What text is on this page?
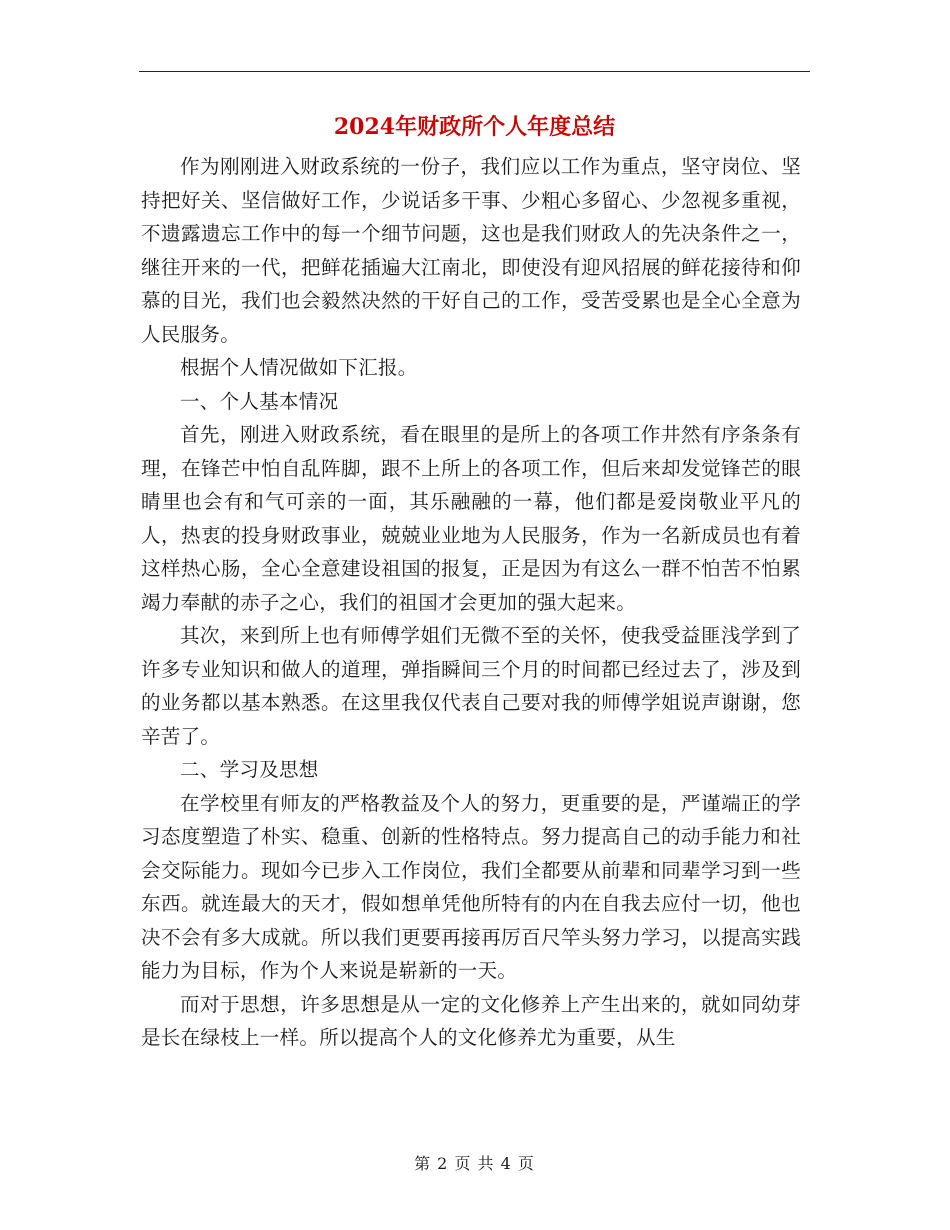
2024年财政所个人年度总结

作为刚刚进入财政系统的一份子，我们应以工作为重点，坚守岗位、坚持把好关、坚信做好工作，少说话多干事、少粗心多留心、少忽视多重视，不遗露遗忘工作中的每一个细节问题，这也是我们财政人的先决条件之一，继往开来的一代，把鲜花插遍大江南北，即使没有迎风招展的鲜花接待和仰慕的目光，我们也会毅然决然的干好自己的工作，受苦受累也是全心全意为人民服务。

根据个人情况做如下汇报。

一、个人基本情况

首先，刚进入财政系统，看在眼里的是所上的各项工作井然有序条条有理，在锋芒中怕自乱阵脚，跟不上所上的各项工作，但后来却发觉锋芒的眼睛里也会有和气可亲的一面，其乐融融的一幕，他们都是爱岗敬业平凡的人，热衷的投身财政事业，兢兢业业地为人民服务，作为一名新成员也有着这样热心肠，全心全意建设祖国的报复，正是因为有这么一群不怕苦不怕累竭力奉献的赤子之心，我们的祖国才会更加的强大起来。

其次，来到所上也有师傅学姐们无微不至的关怀，使我受益匪浅学到了许多专业知识和做人的道理，弹指瞬间三个月的时间都已经过去了，涉及到的业务都以基本熟悉。在这里我仅代表自己要对我的师傅学姐说声谢谢，您辛苦了。

二、学习及思想

在学校里有师友的严格教益及个人的努力，更重要的是，严谨端正的学习态度塑造了朴实、稳重、创新的性格特点。努力提高自己的动手能力和社会交际能力。现如今已步入工作岗位，我们全都要从前辈和同辈学习到一些东西。就连最大的天才，假如想单凭他所特有的内在自我去应付一切，他也决不会有多大成就。所以我们更要再接再厉百尺竿头努力学习，以提高实践能力为目标，作为个人来说是崭新的一天。

而对于思想，许多思想是从一定的文化修养上产生出来的，就如同幼芽是长在绿枝上一样。所以提高个人的文化修养尤为重要，从生

第 2 页 共 4 页
